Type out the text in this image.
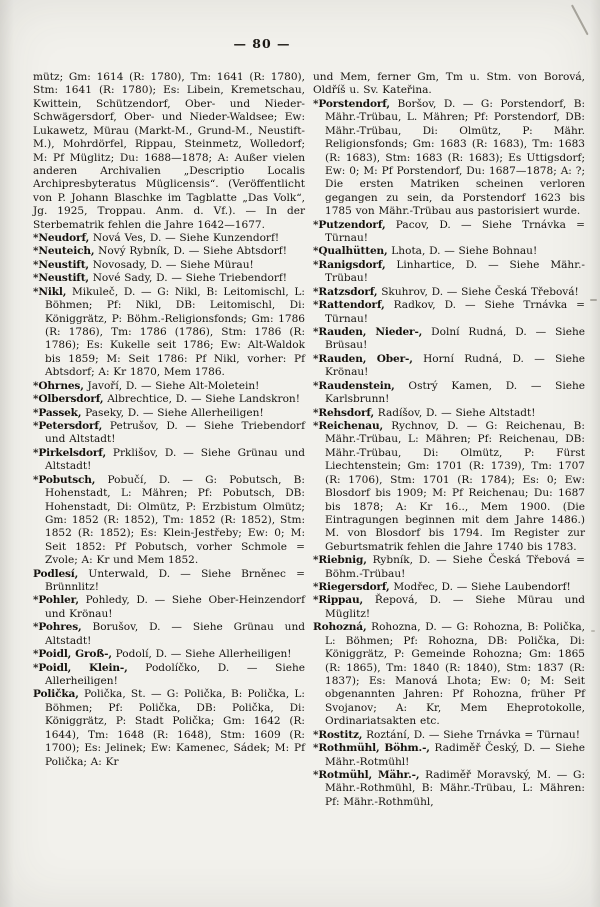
— 80 —

mütz; Gm: 1614 (R: 1780), Tm: 1641 (R: 1780), Stm: 1641 (R: 1780); Es: Libein, Kremetschau, Kwittein, Schützendorf, Ober- und Nieder-Schwägersdorf, Ober- und Nieder-Waldsee; Ew: Lukawetz, Mürau (Markt-M., Grund-M., Neustift-M.), Mohrdörfel, Rippau, Steinmetz, Wolledorf; M: Pf Müglitz; Du: 1688—1878; A: Außer vielen anderen Archivalien „Descriptio Localis Archipresbyteratus Müglicensis“. (Veröffentlicht von P. Johann Blaschke im Tagblatte „Das Volk“, Jg. 1925, Troppau. Anm. d. Vf.). — In der Sterbematrik fehlen die Jahre 1642—1677.

*Neudorf, Nová Ves, D. — Siehe Kunzendorf!

*Neuteich, Nový Rybník, D. — Siehe Abtsdorf!

*Neustift, Novosady, D. — Siehe Mürau!

*Neustift, Nové Sady, D. — Siehe Triebendorf!

*Nikl, Mikuleč, D. — G: Nikl, B: Leitomischl, L: Böhmen; Pf: Nikl, DB: Leitomischl, Di: Königgrätz, P: Böhm.-Religionsfonds; Gm: 1786 (R: 1786), Tm: 1786 (1786), Stm: 1786 (R: 1786); Es: Kukelle seit 1786; Ew: Alt-Waldok bis 1859; M: Seit 1786: Pf Nikl, vorher: Pf Abtsdorf; A: Kr 1870, Mem 1786.

*Ohrnes, Javoří, D. — Siehe Alt-Moletein!

*Olbersdorf, Albrechtice, D. — Siehe Landskron!

*Passek, Paseky, D. — Siehe Allerheiligen!

*Petersdorf, Petrušov, D. — Siehe Triebendorf und Altstadt!

*Pirkelsdorf, Prklišov, D. — Siehe Grünau und Altstadt!

*Pobutsch, Pobučí, D. — G: Pobutsch, B: Hohenstadt, L: Mähren; Pf: Pobutsch, DB: Hohenstadt, Di: Olmütz, P: Erzbistum Olmütz; Gm: 1852 (R: 1852), Tm: 1852 (R: 1852), Stm: 1852 (R: 1852); Es: Klein-Jestřeby; Ew: 0; M: Seit 1852: Pf Pobutsch, vorher Schmole = Zvole; A: Kr und Mem 1852.

Podlesí, Unterwald, D. — Siehe Brněnec = Brünnlitz!

*Pohler, Pohledy, D. — Siehe Ober-Heinzendorf und Krönau!

*Pohres, Borušov, D. — Siehe Grünau und Altstadt!

*Poidl, Groß-, Podolí, D. — Siehe Allerheiligen!

*Poidl, Klein-, Podolíčko, D. — Siehe Allerheiligen!

Polička, Polička, St. — G: Polička, B: Polička, L: Böhmen; Pf: Polička, DB: Polička, Di: Königgrätz, P: Stadt Polička; Gm: 1642 (R: 1644), Tm: 1648 (R: 1648), Stm: 1609 (R: 1700); Es: Jelinek; Ew: Kamenec, Sádek; M: Pf Polička; A: Kr

und Mem, ferner Gm, Tm u. Stm. von Borová, Oldříš u. Sv. Kateřina.

*Porstendorf, Boršov, D. — G: Porstendorf, B: Mähr.-Trübau, L. Mähren; Pf: Porstendorf, DB: Mähr.-Trübau, Di: Olmütz, P: Mähr. Religionsfonds; Gm: 1683 (R: 1683), Tm: 1683 (R: 1683), Stm: 1683 (R: 1683); Es Uttigsdorf; Ew: 0; M: Pf Porstendorf, Du: 1687—1878; A: ?; Die ersten Matriken scheinen verloren gegangen zu sein, da Porstendorf 1623 bis 1785 von Mähr.-Trübau aus pastorisiert wurde.

*Putzendorf, Pacov, D. — Siehe Trnávka = Türnau!

*Qualhütten, Lhota, D. — Siehe Bohnau!

*Ranigsdorf, Linhartice, D. — Siehe Mähr.-Trübau!

*Ratzsdorf, Skuhrov, D. — Siehe Česká Třebová!

*Rattendorf, Radkov, D. — Siehe Trnávka = Türnau!

*Rauden, Nieder-, Dolní Rudná, D. — Siehe Brüsau!

*Rauden, Ober-, Horní Rudná, D. — Siehe Krönau!

*Raudenstein, Ostrý Kamen, D. — Siehe Karlsbrunn!

*Rehsdorf, Radíšov, D. — Siehe Altstadt!

*Reichenau, Rychnov, D. — G: Reichenau, B: Mähr.-Trübau, L: Mähren; Pf: Reichenau, DB: Mähr.-Trübau, Di: Olmütz, P: Fürst Liechtenstein; Gm: 1701 (R: 1739), Tm: 1707 (R: 1706), Stm: 1701 (R: 1784); Es: 0; Ew: Blosdorf bis 1909; M: Pf Reichenau; Du: 1687 bis 1878; A: Kr 16.., Mem 1900. (Die Eintragungen beginnen mit dem Jahre 1486.) M. von Blosdorf bis 1794. Im Register zur Geburtsmatrik fehlen die Jahre 1740 bis 1783.

*Riebnig, Rybník, D. — Siehe Česká Třebová = Böhm.-Trübau!

*Riegersdorf, Modřec, D. — Siehe Laubendorf!

*Rippau, Řepová, D. — Siehe Mürau und Müglitz!

Rohozná, Rohozna, D. — G: Rohozna, B: Polička, L: Böhmen; Pf: Rohozna, DB: Polička, Di: Königgrätz, P: Gemeinde Rohozna; Gm: 1865 (R: 1865), Tm: 1840 (R: 1840), Stm: 1837 (R: 1837); Es: Manová Lhota; Ew: 0; M: Seit obgenannten Jahren: Pf Rohozna, früher Pf Svojanov; A: Kr, Mem Eheprotokolle, Ordinariatsakten etc.

*Rostitz, Roztání, D. — Siehe Trnávka = Türnau!

*Rothmühl, Böhm.-, Radiměř Český, D. — Siehe Mähr.-Rotmühl!

*Rotmühl, Mähr.-, Radiměř Moravský, M. — G: Mähr.-Rothmühl, B: Mähr.-Trübau, L: Mähren: Pf: Mähr.-Rothmühl,
